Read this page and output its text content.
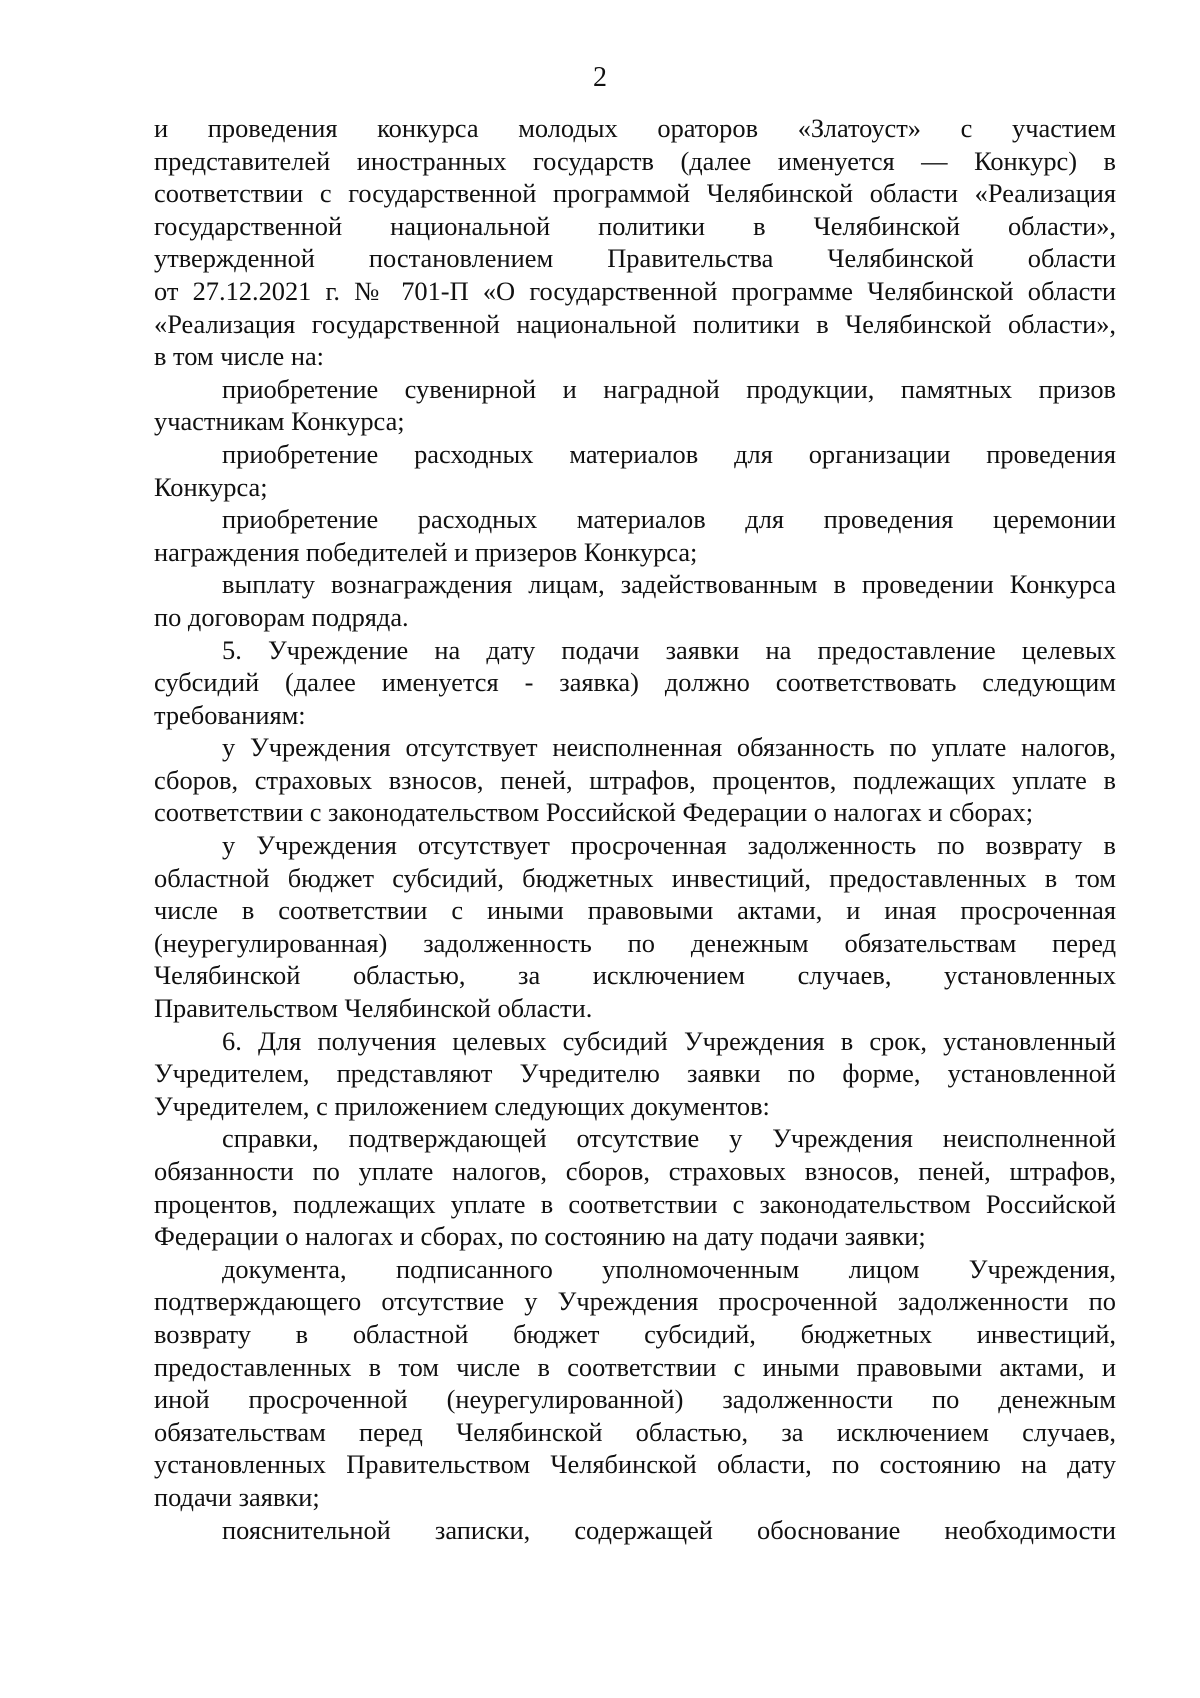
2
и проведения конкурса молодых ораторов «Златоуст» с участием
представителей иностранных государств (далее именуется — Конкурс) в
соответствии с государственной программой Челябинской области «Реализация
государственной национальной политики в Челябинской области»,
утвержденной постановлением Правительства Челябинской области
от 27.12.2021 г. № 701-П «О государственной программе Челябинской области
«Реализация государственной национальной политики в Челябинской области»,
в том числе на:
приобретение сувенирной и наградной продукции, памятных призов
участникам Конкурса;
приобретение расходных материалов для организации проведения
Конкурса;
приобретение расходных материалов для проведения церемонии
награждения победителей и призеров Конкурса;
выплату вознаграждения лицам, задействованным в проведении Конкурса
по договорам подряда.
5. Учреждение на дату подачи заявки на предоставление целевых
субсидий (далее именуется - заявка) должно соответствовать следующим
требованиям:
у Учреждения отсутствует неисполненная обязанность по уплате налогов,
сборов, страховых взносов, пеней, штрафов, процентов, подлежащих уплате в
соответствии с законодательством Российской Федерации о налогах и сборах;
у Учреждения отсутствует просроченная задолженность по возврату в
областной бюджет субсидий, бюджетных инвестиций, предоставленных в том
числе в соответствии с иными правовыми актами, и иная просроченная
(неурегулированная) задолженность по денежным обязательствам перед
Челябинской областью, за исключением случаев, установленных
Правительством Челябинской области.
6. Для получения целевых субсидий Учреждения в срок, установленный
Учредителем, представляют Учредителю заявки по форме, установленной
Учредителем, с приложением следующих документов:
справки, подтверждающей отсутствие у Учреждения неисполненной
обязанности по уплате налогов, сборов, страховых взносов, пеней, штрафов,
процентов, подлежащих уплате в соответствии с законодательством Российской
Федерации о налогах и сборах, по состоянию на дату подачи заявки;
документа, подписанного уполномоченным лицом Учреждения,
подтверждающего отсутствие у Учреждения просроченной задолженности по
возврату в областной бюджет субсидий, бюджетных инвестиций,
предоставленных в том числе в соответствии с иными правовыми актами, и
иной просроченной (неурегулированной) задолженности по денежным
обязательствам перед Челябинской областью, за исключением случаев,
установленных Правительством Челябинской области, по состоянию на дату
подачи заявки;
пояснительной записки, содержащей обоснование необходимости
